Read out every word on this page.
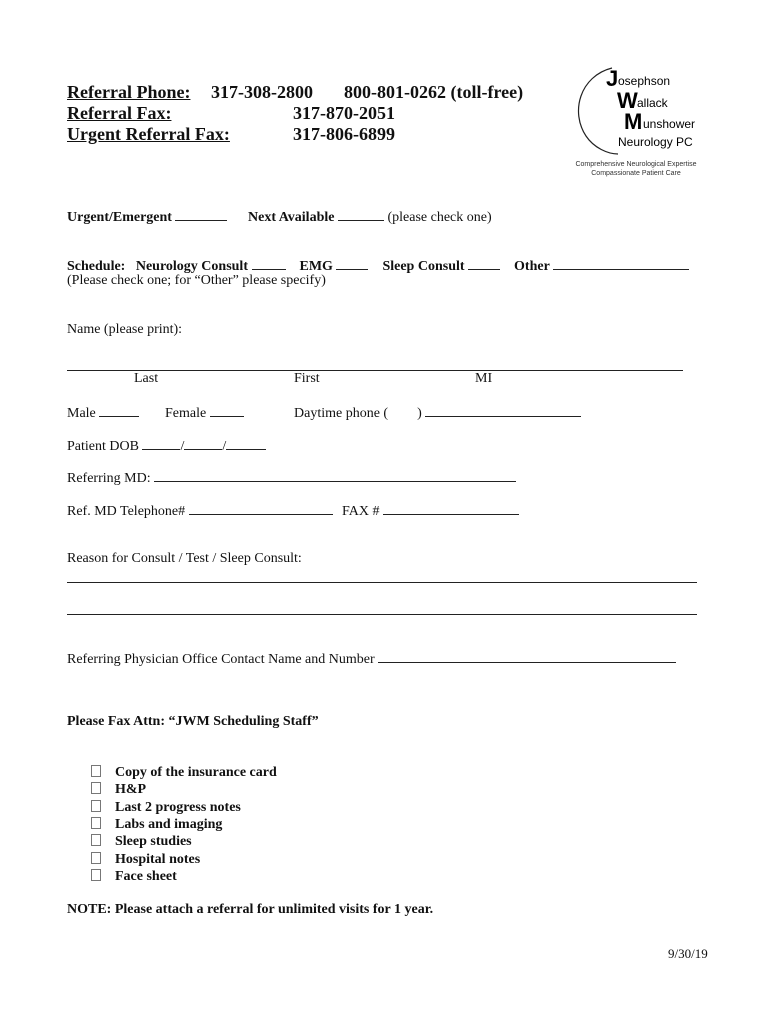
Referral Phone: 317-308-2800 800-801-0262 (toll-free)
Referral Fax:	317-870-2051
Urgent Referral Fax:	317-806-6899
J osephson
W allack
M unshower
Neurology PC
Comprehensive Neurological Expertise
Compassionate Patient Care
Urgent/Emergent	Next Available	(please check one)
Schedule: Neurology Consult	EMG	Sleep Consult	Other
(Please check one; for “Other” please specify)
Name (please print):
Last	First	MI
Male	Female	Daytime phone ( )
Patient DOB	/	/
Referring MD:
Ref. MD Telephone#	FAX #
Reason for Consult / Test / Sleep Consult:
Referring Physician Office Contact Name and Number
Please Fax Attn: “JWM Scheduling Staff”
Copy of the insurance card
H&P
Last 2 progress notes
Labs and imaging
Sleep studies
Hospital notes
Face sheet
NOTE: Please attach a referral for unlimited visits for 1 year.
9/30/19
